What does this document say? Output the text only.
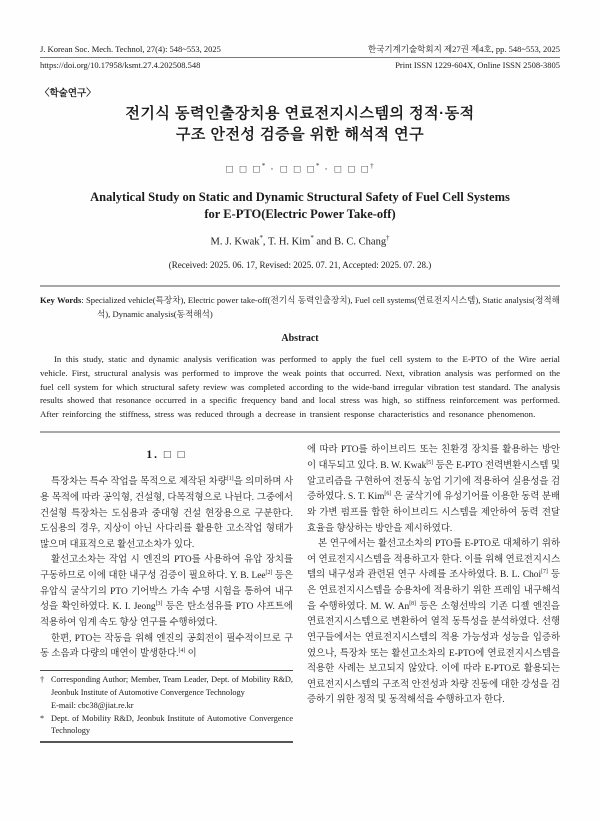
J. Korean Soc. Mech. Technol, 27(4): 548~553, 2025	한국기계기술학회지 제27권 제4호, pp. 548~553, 2025
https://doi.org/10.17958/ksmt.27.4.202508.548	Print ISSN 1229-604X, Online ISSN 2508-3805
〈학술연구〉
전기식 동력인출장치용 연료전지시스템의 정적·동적
구조 안전성 검증을 위한 해석적 연구
□ □ □* · □ □ □* · □ □ □†
Analytical Study on Static and Dynamic Structural Safety of Fuel Cell Systems
for E-PTO(Electric Power Take-off)
M. J. Kwak*, T. H. Kim* and B. C. Chang†
(Received: 2025. 06. 17, Revised: 2025. 07. 21, Accepted: 2025. 07. 28.)
Key Words: Specialized vehicle(특장차), Electric power take-off(전기식 동력인출장치), Fuel cell systems(연료전지시스템), Static analysis(정적해석), Dynamic analysis(동적해석)
Abstract
In this study, static and dynamic analysis verification was performed to apply the fuel cell system to the E-PTO of the Wire aerial vehicle. First, structural analysis was performed to improve the weak points that occurred. Next, vibration analysis was performed on the fuel cell system for which structural safety review was completed according to the wide-band irregular vibration test standard. The analysis results showed that resonance occurred in a specific frequency band and local stress was high, so stiffness reinforcement was performed. After reinforcing the stiffness, stress was reduced through a decrease in transient response characteristics and resonance phenomenon.
1. □ □

특장차는 특수 작업을 목적으로 제작된 차량[1]을 의미하며 사용 목적에 따라 공익형, 건설형, 다목적형으로 나뉜다. 그중에서 건설형 특장차는 도심용과 중대형 건설 현장용으로 구분한다. 도심용의 경우, 지상이 아닌 사다리를 활용한 고소작업 형태가 많으며 대표적으로 활선고소차가 있다.

활선고소차는 작업 시 엔진의 PTO를 사용하여 유압 장치를 구동하므로 이에 대한 내구성 검증이 필요하다. Y. B. Lee[2] 등은 유압식 굴삭기의 PTO 기어박스 가속 수명 시험을 통하여 내구성을 확인하였다. K. I. Jeong[3] 등은 탄소섬유를 PTO 샤프트에 적용하여 임계 속도 향상 연구를 수행하였다.

한편, PTO는 작동을 위해 엔진의 공회전이 필수적이므로 구동 소음과 다량의 매연이 발생한다.[4] 이

† Corresponding Author; Member, Team Leader, Dept. of Mobility R&D, Jeonbuk Institute of Automotive Convergence Technology
E-mail: cbc38@jiat.re.kr
* Dept. of Mobility R&D, Jeonbuk Institute of Automotive Convergence Technology

에 따라 PTO를 하이브리드 또는 친환경 장치를 활용하는 방안이 대두되고 있다. B. W. Kwak[5] 등은 E-PTO 전력변환시스템 및 알고리즘을 구현하여 전동식 농업 기기에 적용하여 실용성을 검증하였다. S. T. Kim[6] 은 굴삭기에 유성기어를 이용한 동력 분배와 가변 펌프를 합한 하이브리드 시스템을 제안하여 동력 전달 효율을 향상하는 방안을 제시하였다.

본 연구에서는 활선고소차의 PTO를 E-PTO로 대체하기 위하여 연료전지시스템을 적용하고자 한다. 이를 위해 연료전지시스템의 내구성과 관련된 연구 사례를 조사하였다. B. L. Choi[7] 등은 연료전지시스템을 승용차에 적용하기 위한 프레임 내구해석을 수행하였다. M. W. An[8] 등은 소형선박의 기존 디젤 엔진을 연료전지시스템으로 변환하여 열적 동특성을 분석하였다. 선행 연구들에서는 연료전지시스템의 적용 가능성과 성능을 입증하였으나, 특장차 또는 활선고소차의 E-PTO에 연료전지시스템을 적용한 사례는 보고되지 않았다. 이에 따라 E-PTO로 활용되는 연료전지시스템의 구조적 안전성과 차량 진동에 대한 강성을 검증하기 위한 정적 및 동적해석을 수행하고자 한다.
